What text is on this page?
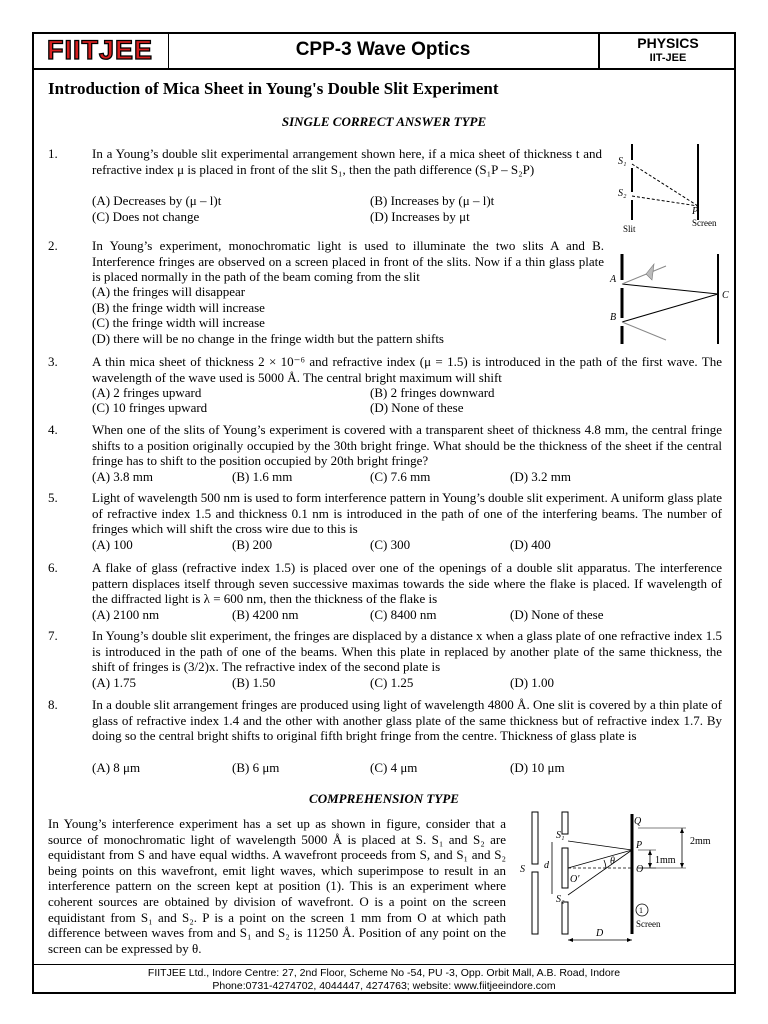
FIITJEE	CPP-3 Wave Optics	PHYSICS
IIT-JEE
Introduction of Mica Sheet in Young's Double Slit Experiment
SINGLE CORRECT ANSWER TYPE
1.	In a Young’s double slit experimental arrangement shown here, if a mica sheet of thickness t and refractive index μ is placed in front of the slit S₁, then the path difference (S₁P – S₂P)
(A) Decreases by (μ – l)t	(B) Increases by (μ – l)t
(C) Does not change	(D) Increases by μt
S₁
S₂
P
Screen
Slit
2.	In Young’s experiment, monochromatic light is used to illuminate the two slits A and B. Interference fringes are observed on a screen placed in front of the slits. Now if a thin glass plate is placed normally in the path of the beam coming from the slit
(A) the fringes will disappear
(B) the fringe width will increase
(C) the fringe width will increase
(D) there will be no change in the fringe width but the pattern shifts
A
B
C
3.	A thin mica sheet of thickness 2 × 10⁻⁶ and refractive index (μ = 1.5) is introduced in the path of the first wave. The wavelength of the wave used is 5000 Å. The central bright maximum will shift
(A) 2 fringes upward	(B) 2 fringes downward
(C) 10 fringes upward	(D) None of these
4.	When one of the slits of Young’s experiment is covered with a transparent sheet of thickness 4.8 mm, the central fringe shifts to a position originally occupied by the 30th bright fringe. What should be the thickness of the sheet if the central fringe has to shift to the position occupied by 20th bright fringe?
(A) 3.8 mm	(B) 1.6 mm	(C) 7.6 mm	(D) 3.2 mm
5.	Light of wavelength 500 nm is used to form interference pattern in Young’s double slit experiment. A uniform glass plate of refractive index 1.5 and thickness 0.1 nm is introduced in the path of one of the interfering beams. The number of fringes which will shift the cross wire due to this is
(A) 100	(B) 200	(C) 300	(D) 400
6.	A flake of glass (refractive index 1.5) is placed over one of the openings of a double slit apparatus. The interference pattern displaces itself through seven successive maximas towards the side where the flake is placed. If wavelength of the diffracted light is λ = 600 nm, then the thickness of the flake is
(A) 2100 nm	(B) 4200 nm	(C) 8400 nm	(D) None of these
7.	In Young’s double slit experiment, the fringes are displaced by a distance x when a glass plate of one refractive index 1.5 is introduced in the path of one of the beams. When this plate in replaced by another plate of the same thickness, the shift of fringes is (3/2)x. The refractive index of the second plate is
(A) 1.75	(B) 1.50	(C) 1.25	(D) 1.00
8.	In a double slit arrangement fringes are produced using light of wavelength 4800 Å. One slit is covered by a thin plate of glass of refractive index 1.4 and the other with another glass plate of the same thickness but of refractive index 1.7. By doing so the central bright shifts to original fifth bright fringe from the centre. Thickness of glass plate is
(A) 8 μm	(B) 6 μm	(C) 4 μm	(D) 10 μm
COMPREHENSION TYPE
In Young’s interference experiment has a set up as shown in figure, consider that a source of monochromatic light of wavelength 5000 Å is placed at S. S₁ and S₂ are equidistant from S and have equal widths. A wavefront proceeds from S, and S₁ and S₂ being points on this wavefront, emit light waves, which superimpose to result in an interference pattern on the screen kept at position (1). This is an experiment where coherent sources are obtained by division of wavefront. O is a point on the screen equidistant from S₁ and S₂. P is a point on the screen 1 mm from O at which path difference between waves from and S₁ and S₂ is 11250 Å. Position of any point on the screen can be expressed by θ.
Q
P
O
S
S₁
S₂
O'
d	θ
D
1mm
2mm
1
Screen
FIITJEE Ltd., Indore Centre: 27, 2nd Floor, Scheme No -54, PU -3, Opp. Orbit Mall, A.B. Road, Indore
Phone:0731-4274702, 4044447, 4274763; website: www.fiitjeeindore.com
